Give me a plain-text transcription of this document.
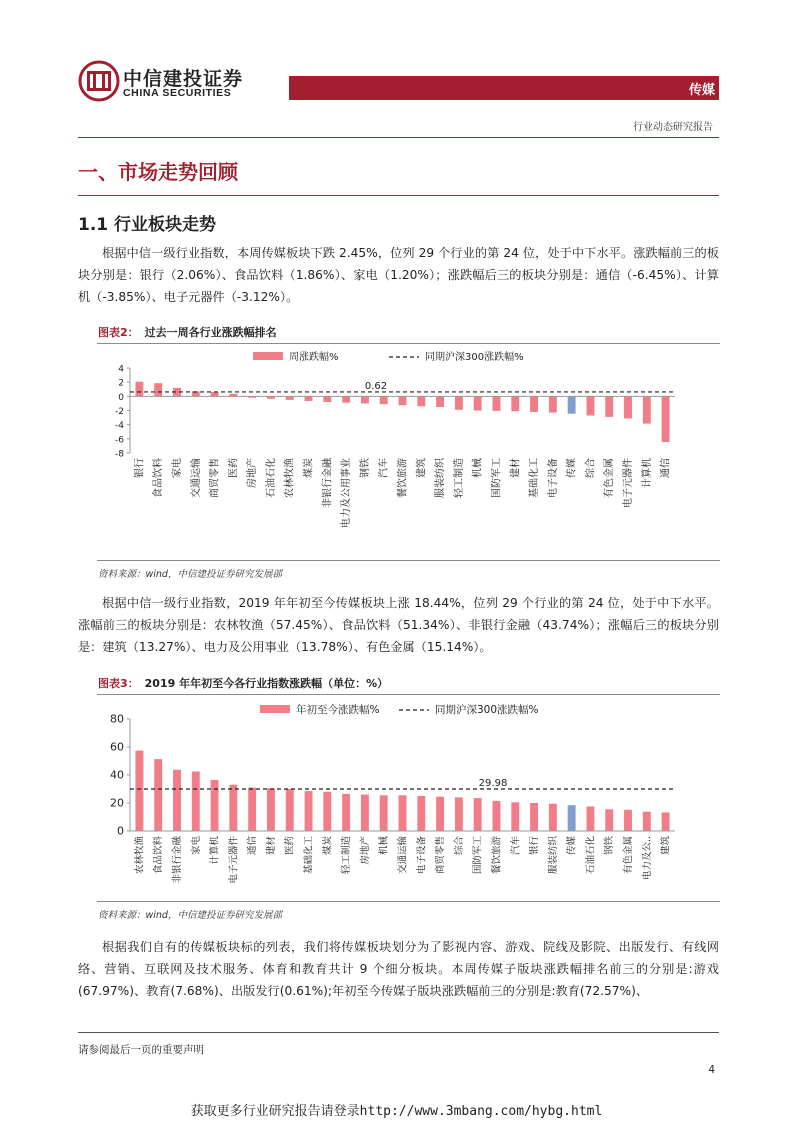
中信建投证券
CHINA SECURITIES	传媒
行业动态研究报告
一、市场走势回顾
1.1 行业板块走势

根据中信一级行业指数，本周传媒板块下跌 2.45%，位列 29 个行业的第 24 位，处于中下水平。涨跌幅前三的板块分别是：银行（2.06%）、食品饮料（1.86%）、家电（1.20%）；涨跌幅后三的板块分别是：通信（-6.45%）、计算机（-3.85%）、电子元器件（-3.12%）。

图表2： 过去一周各行业涨跌幅排名
周涨跌幅%	同期沪深300涨跌幅%
4
2
0
-2
-4
-6
-8
0.62
银行 食品饮料 家电 交通运输 商贸零售 医药 房地产 石油石化 农林牧渔 煤炭 非银行金融 电力及公用事业 钢铁 汽车 餐饮旅游 建筑 服装纺织 轻工制造 机械 国防军工 建材 基础化工 电子设备 传媒 综合 有色金属 电子元器件 计算机 通信
资料来源：wind，中信建投证券研究发展部

根据中信一级行业指数，2019 年年初至今传媒板块上涨 18.44%，位列 29 个行业的第 24 位，处于中下水平。涨幅前三的板块分别是：农林牧渔（57.45%）、食品饮料（51.34%）、非银行金融（43.74%）；涨幅后三的板块分别是：建筑（13.27%）、电力及公用事业（13.78%）、有色金属（15.14%）。

图表3： 2019 年年初至今各行业指数涨跌幅（单位：%）
年初至今涨跌幅%	同期沪深300涨跌幅%
80
60
40
20
0
29.98
农林牧渔 食品饮料 非银行金融 家电 计算机 电子元器件 通信 建材 医药 基础化工 煤炭 轻工制造 房地产 机械 交通运输 电子设备 商贸零售 综合 国防军工 餐饮旅游 汽车 银行 服装纺织 传媒 石油石化 钢铁 有色金属 电力及公.. 建筑
资料来源：wind，中信建投证券研究发展部

根据我们自有的传媒板块标的列表，我们将传媒板块划分为了影视内容、游戏、院线及影院、出版发行、有线网络、营销、互联网及技术服务、体育和教育共计 9 个细分板块。本周传媒子版块涨跌幅排名前三的分别是:游戏(67.97%)、教育(7.68%)、出版发行(0.61%);年初至今传媒子版块涨跌幅前三的分别是:教育(72.57%)、

请参阅最后一页的重要声明
4
获取更多行业研究报告请登录http://www.3mbang.com/hybg.html
